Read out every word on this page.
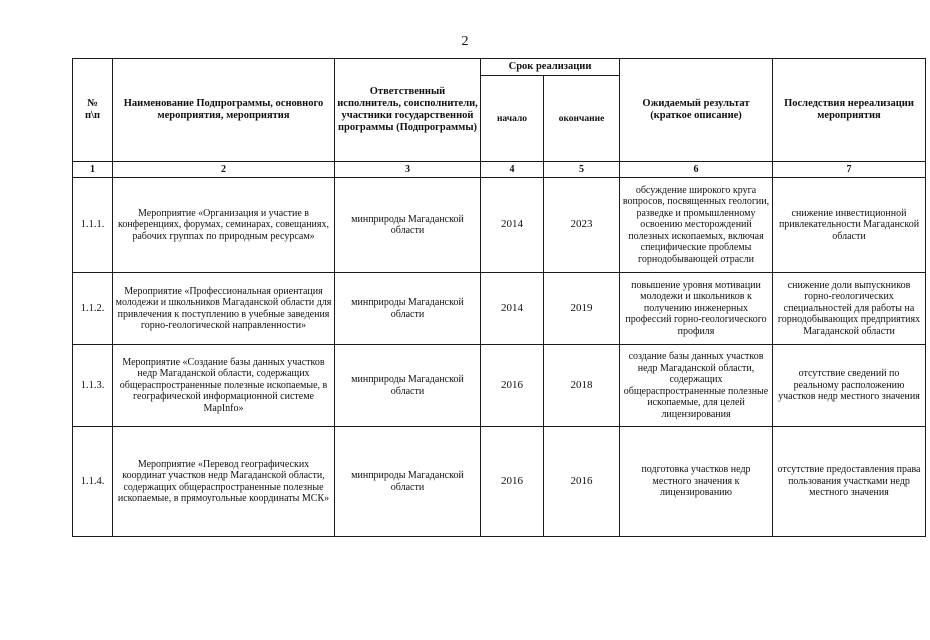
2
№
п\п	Наименование Подпрограммы, основного мероприятия, мероприятия	Ответственный исполнитель, соисполнители, участники государственной программы (Подпрограммы)	Срок реализации		Ожидаемый результат (краткое описание)	Последствия нереализации мероприятия
			начало	окончание		
1	2	3	4	5	6	7
1.1.1.	Мероприятие «Организация и участие в конференциях, форумах, семинарах, совещаниях, рабочих группах по природным ресурсам»	минприроды Магаданской области	2014	2023	обсуждение широкого круга вопросов, посвященных геологии, разведке и промышленному освоению месторождений полезных ископаемых, включая специфические проблемы горнодобывающей отрасли	снижение инвестиционной привлекательности Магаданской области
1.1.2.	Мероприятие «Профессиональная ориентация молодежи и школьников Магаданской области для привлечения к поступлению в учебные заведения горно-геологической направленности»	минприроды Магаданской области	2014	2019	повышение уровня мотивации молодежи и школьников к получению инженерных профессий горно-геологического профиля	снижение доли выпускников горно-геологических специальностей для работы на горнодобывающих предприятиях Магаданской области
1.1.3.	Мероприятие «Создание базы данных участков недр Магаданской области, содержащих общераспространенные полезные ископаемые, в географической информационной системе MapInfo»	минприроды Магаданской области	2016	2018	создание базы данных участков недр Магаданской области, содержащих общераспространенные полезные ископаемые, для целей лицензирования	отсутствие сведений по реальному расположению участков недр местного значения
1.1.4.	Мероприятие «Перевод географических координат участков недр Магаданской области, содержащих общераспространенные полезные ископаемые, в прямоугольные координаты МСК»	минприроды Магаданской области	2016	2016	подготовка участков недр местного значения к лицензированию	отсутствие предоставления права пользования участками недр местного значения
